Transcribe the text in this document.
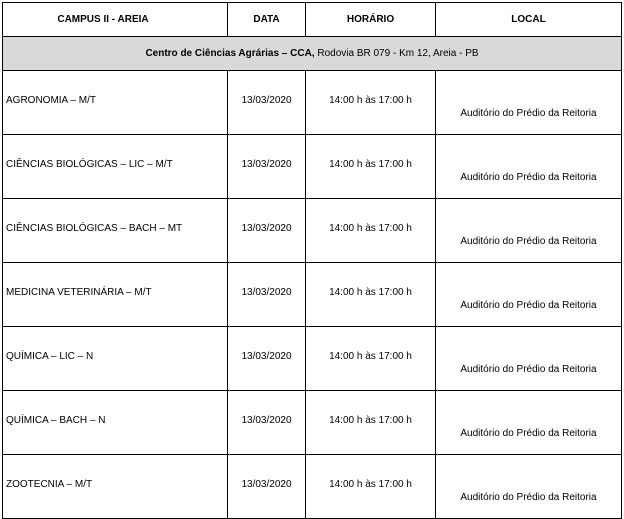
CAMPUS II - AREIA	DATA	HORÁRIO	LOCAL
Centro de Ciências Agrárias – CCA, Rodovia BR 079 - Km 12, Areia - PB			
AGRONOMIA – M/T	13/03/2020	14:00 h às 17:00 h	Auditório do Prédio da Reitoria
CIÊNCIAS BIOLÓGICAS – LIC – M/T	13/03/2020	14:00 h às 17:00 h	Auditório do Prédio da Reitoria
CIÊNCIAS BIOLÓGICAS – BACH – MT	13/03/2020	14:00 h às 17:00 h	Auditório do Prédio da Reitoria
MEDICINA VETERINÁRIA – M/T	13/03/2020	14:00 h às 17:00 h	Auditório do Prédio da Reitoria
QUÍMICA – LIC – N	13/03/2020	14:00 h às 17:00 h	Auditório do Prédio da Reitoria
QUÍMICA – BACH – N	13/03/2020	14:00 h às 17:00 h	Auditório do Prédio da Reitoria
ZOOTECNIA – M/T	13/03/2020	14:00 h às 17:00 h	Auditório do Prédio da Reitoria
